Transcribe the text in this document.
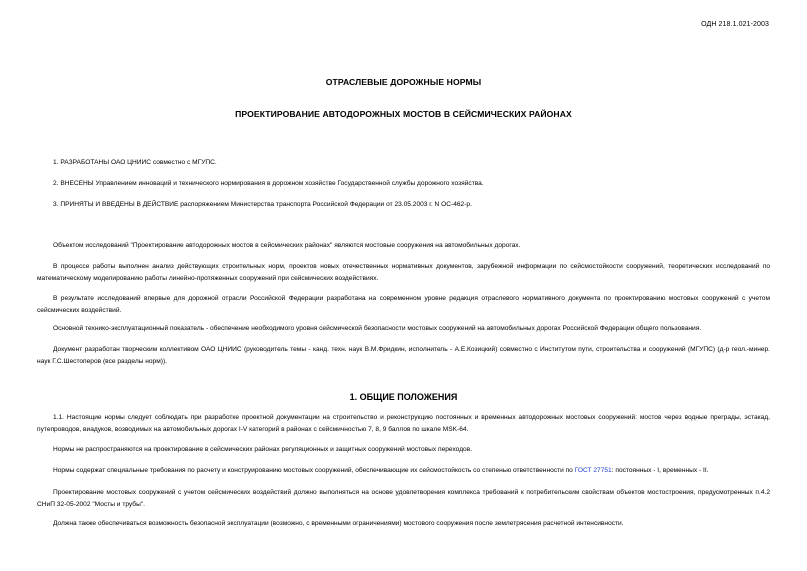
ОДН 218.1.021-2003
ОТРАСЛЕВЫЕ ДОРОЖНЫЕ НОРМЫ
ПРОЕКТИРОВАНИЕ АВТОДОРОЖНЫХ МОСТОВ В СЕЙСМИЧЕСКИХ РАЙОНАХ

1. РАЗРАБОТАНЫ ОАО ЦНИИС совместно с МГУПС.

2. ВНЕСЕНЫ Управлением инноваций и технического нормирования в дорожном хозяйстве Государственной службы дорожного хозяйства.

3. ПРИНЯТЫ И ВВЕДЕНЫ В ДЕЙСТВИЕ распоряжением Министерства транспорта Российской Федерации от 23.05.2003 г. N ОС-462-р.

Объектом исследований "Проектирование автодорожных мостов в сейсмических районах" являются мостовые сооружения на автомобильных дорогах.

В процессе работы выполнен анализ действующих строительных норм, проектов новых отечественных нормативных документов, зарубежной информации по сейсмостойкости сооружений, теоретических исследований по математическому моделированию работы линейно-протяженных сооружений при сейсмических воздействиях.

В результате исследований впервые для дорожной отрасли Российской Федерации разработана на современном уровне редакция отраслевого нормативного документа по проектированию мостовых сооружений с учетом сейсмических воздействий.

Основной технико-эксплуатационный показатель - обеспечение необходимого уровня сейсмической безопасности мостовых сооружений на автомобильных дорогах Российской Федерации общего пользования.

Документ разработан творческим коллективом ОАО ЦНИИС (руководитель темы - канд. техн. наук В.М.Фридкин, исполнитель - А.Е.Козицкий) совместно с Институтом пути, строительства и сооружений (МГУПС) (д-р геол.-минер. наук Г.С.Шестоперов (все разделы норм)).

1. ОБЩИЕ ПОЛОЖЕНИЯ

1.1. Настоящие нормы следует соблюдать при разработке проектной документации на строительство и реконструкцию постоянных и временных автодорожных мостовых сооружений: мостов через водные преграды, эстакад, путепроводов, виадуков, возводимых на автомобильных дорогах I-V категорий в районах с сейсмичностью 7, 8, 9 баллов по шкале MSK-64.

Нормы не распространяются на проектирование в сейсмических районах регуляционных и защитных сооружений мостовых переходов.

Нормы содержат специальные требования по расчету и конструированию мостовых сооружений, обеспечивающие их сейсмостойкость со степенью ответственности по ГОСТ 27751: постоянных - I, временных - II.

Проектирование мостовых сооружений с учетом сейсмических воздействий должно выполняться на основе удовлетворения комплекса требований к потребительским свойствам объектов мостостроения, предусмотренных п.4.2 СНиП 32-05-2002 "Мосты и трубы".

Должна также обеспечиваться возможность безопасной эксплуатации (возможно, с временными ограничениями) мостового сооружения после землетрясения расчетной интенсивности.
